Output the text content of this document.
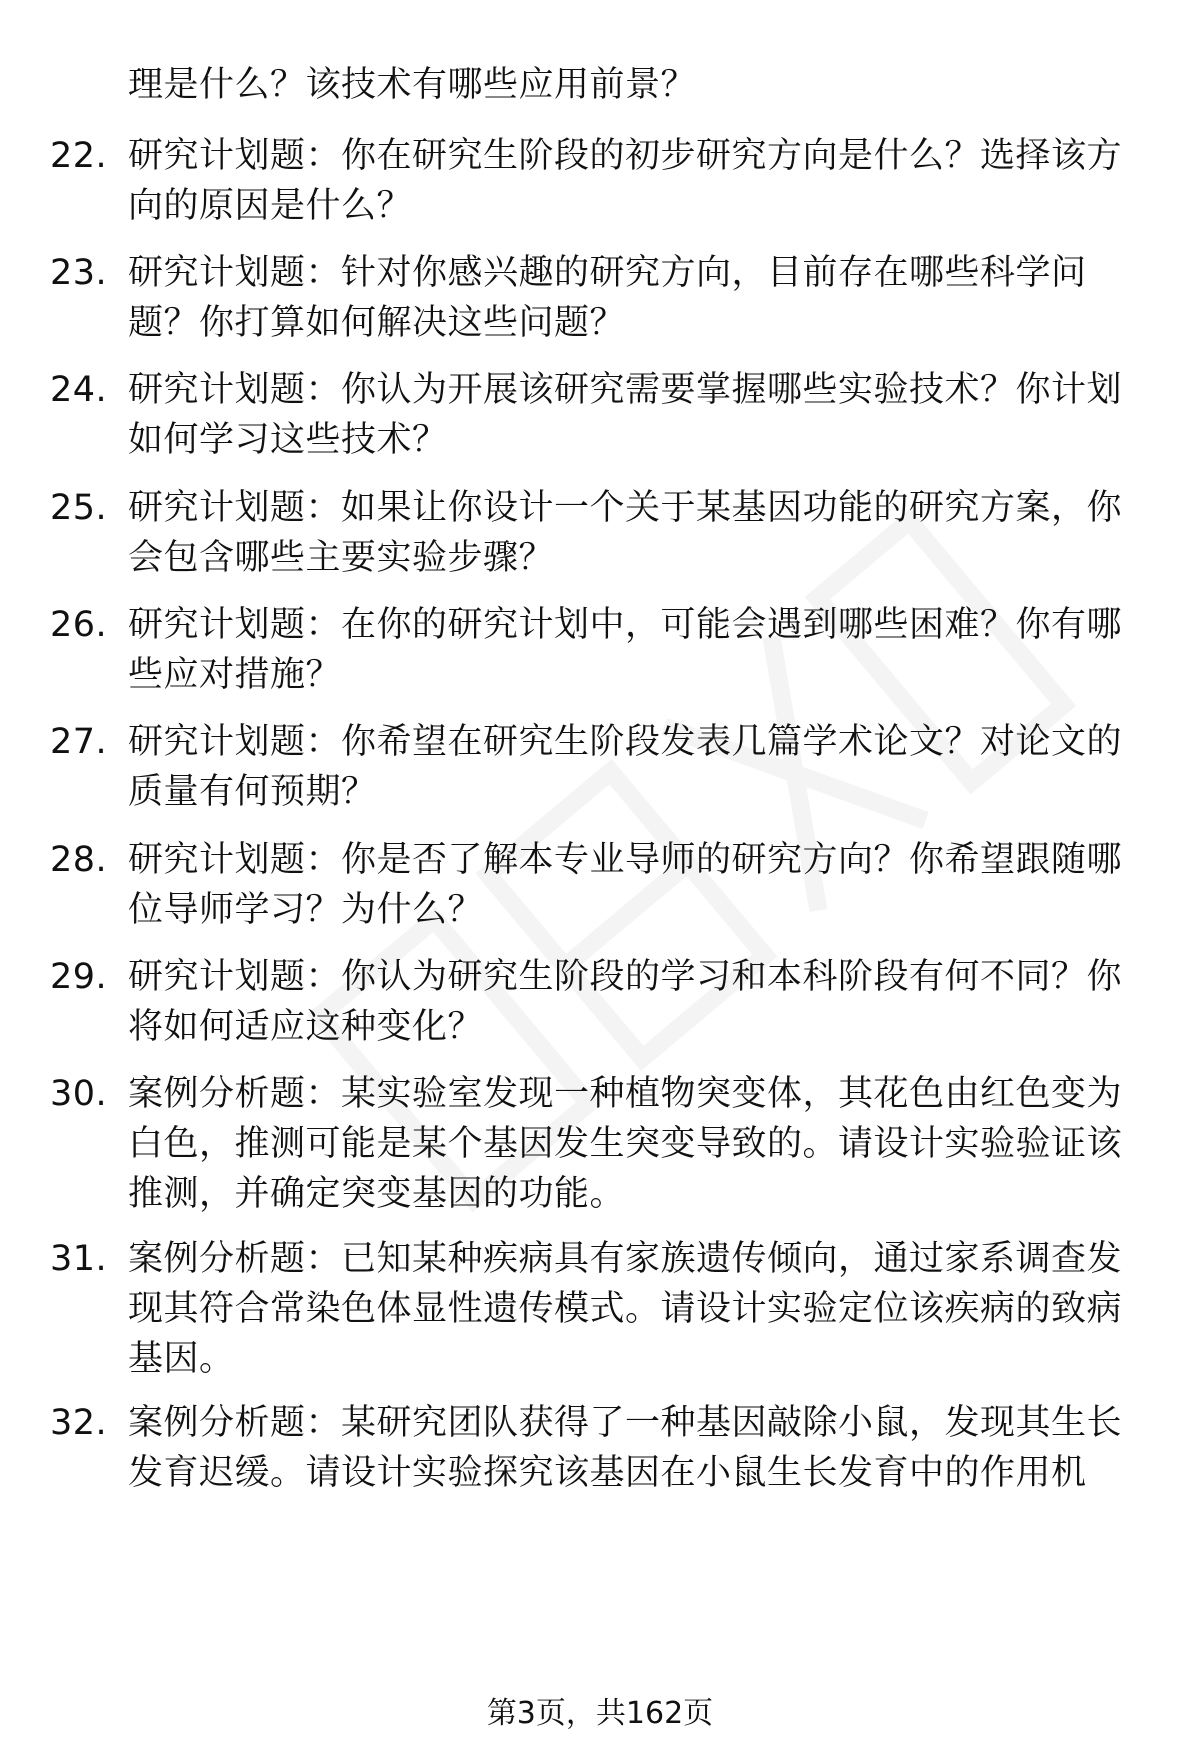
理是什么？该技术有哪些应用前景？
22. 研究计划题：你在研究生阶段的初步研究方向是什么？选择该方
向的原因是什么？
23. 研究计划题：针对你感兴趣的研究方向，目前存在哪些科学问
题？你打算如何解决这些问题？
24. 研究计划题：你认为开展该研究需要掌握哪些实验技术？你计划
如何学习这些技术？
25. 研究计划题：如果让你设计一个关于某基因功能的研究方案，你
会包含哪些主要实验步骤？
26. 研究计划题：在你的研究计划中，可能会遇到哪些困难？你有哪
些应对措施？
27. 研究计划题：你希望在研究生阶段发表几篇学术论文？对论文的
质量有何预期？
28. 研究计划题：你是否了解本专业导师的研究方向？你希望跟随哪
位导师学习？为什么？
29. 研究计划题：你认为研究生阶段的学习和本科阶段有何不同？你
将如何适应这种变化？
30. 案例分析题：某实验室发现一种植物突变体，其花色由红色变为
白色，推测可能是某个基因发生突变导致的。请设计实验验证该
推测，并确定突变基因的功能。
31. 案例分析题：已知某种疾病具有家族遗传倾向，通过家系调查发
现其符合常染色体显性遗传模式。请设计实验定位该疾病的致病
基因。
32. 案例分析题：某研究团队获得了一种基因敲除小鼠，发现其生长
发育迟缓。请设计实验探究该基因在小鼠生长发育中的作用机
第3页，共162页
